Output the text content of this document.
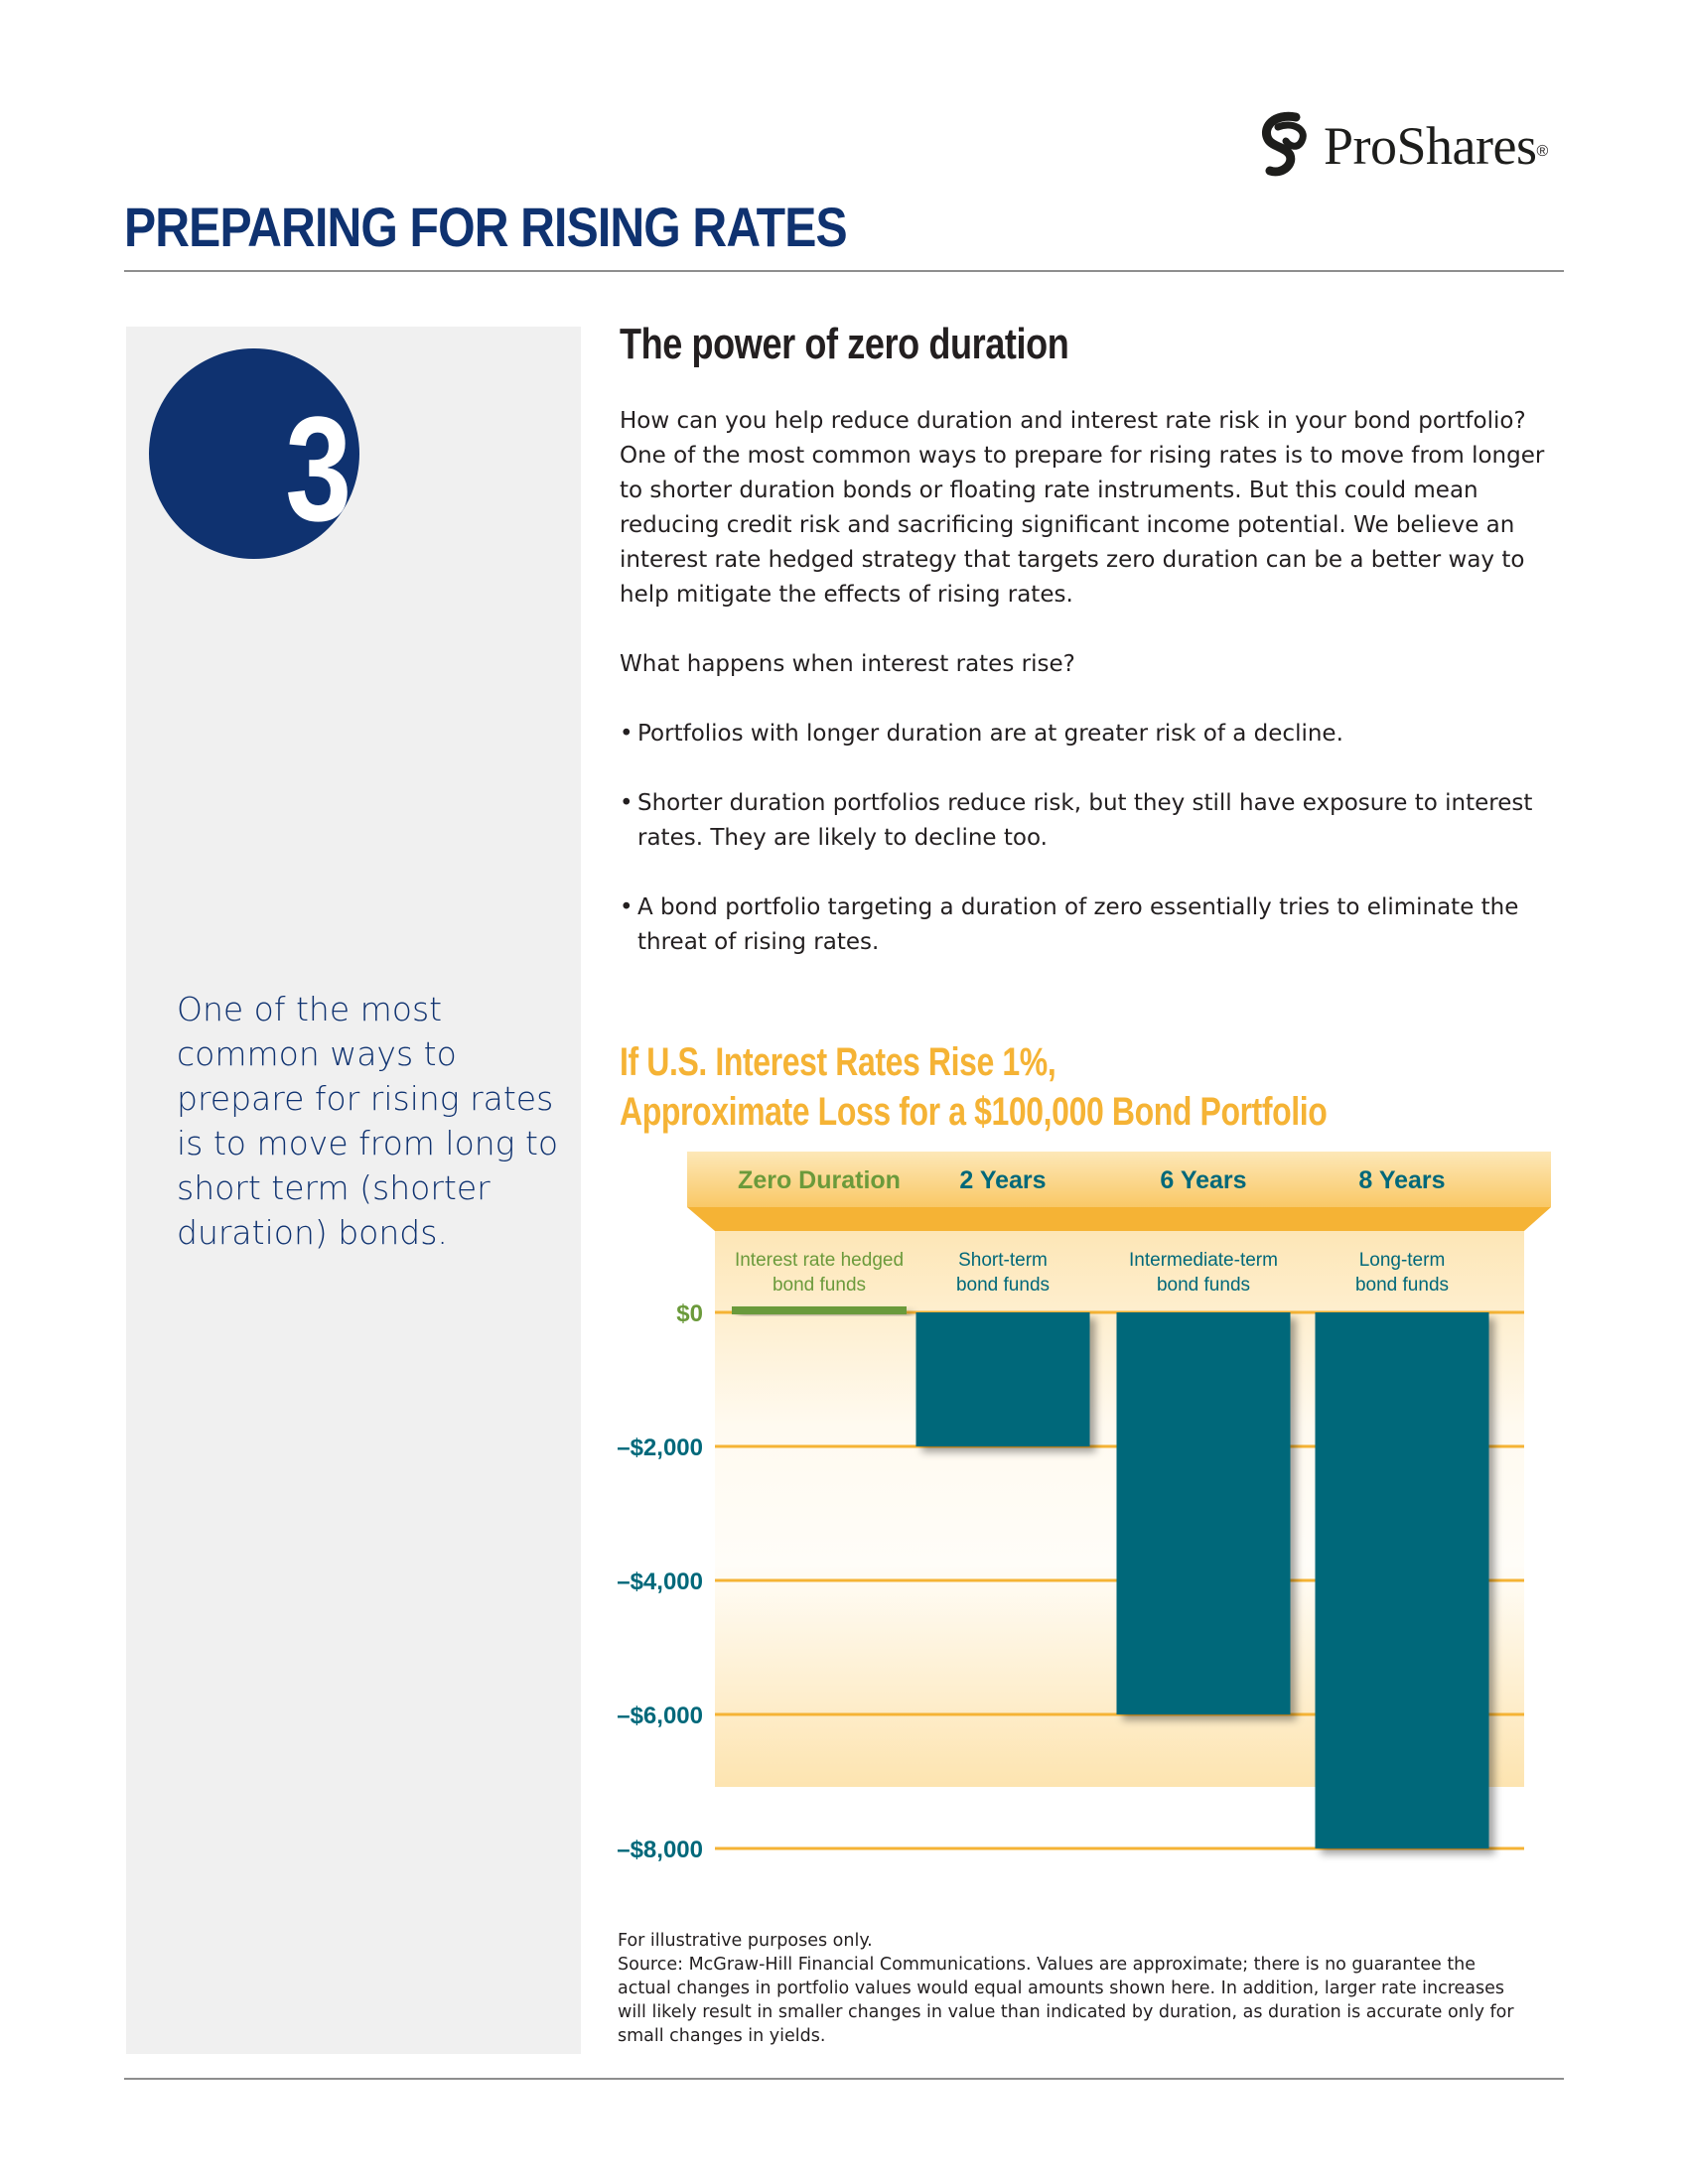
ProShares ®
PREPARING FOR RISING RATES
3

One of the most common ways to prepare for rising rates is to move from long to short term (shorter duration) bonds.

The power of zero duration

How can you help reduce duration and interest rate risk in your bond portfolio? One of the most common ways to prepare for rising rates is to move from longer to shorter duration bonds or floating rate instruments. But this could mean reducing credit risk and sacrificing significant income potential. We believe an interest rate hedged strategy that targets zero duration can be a better way to help mitigate the effects of rising rates.

What happens when interest rates rise?

• Portfolios with longer duration are at greater risk of a decline.
• Shorter duration portfolios reduce risk, but they still have exposure to interest rates. They are likely to decline too.
• A bond portfolio targeting a duration of zero essentially tries to eliminate the threat of rising rates.
If U.S. Interest Rates Rise 1%,
Approximate Loss for a $100,000 Bond Portfolio
$0
–$2,000
–$4,000
–$6,000
–$8,000
Zero Duration
Interest rate hedged
bond funds
2 Years
Short-term
bond funds
6 Years
Intermediate-term
bond funds
8 Years
Long-term
bond funds
For illustrative purposes only.
Source: McGraw-Hill Financial Communications. Values are approximate; there is no guarantee the actual changes in portfolio values would equal amounts shown here. In addition, larger rate increases will likely result in smaller changes in value than indicated by duration, as duration is accurate only for small changes in yields.
